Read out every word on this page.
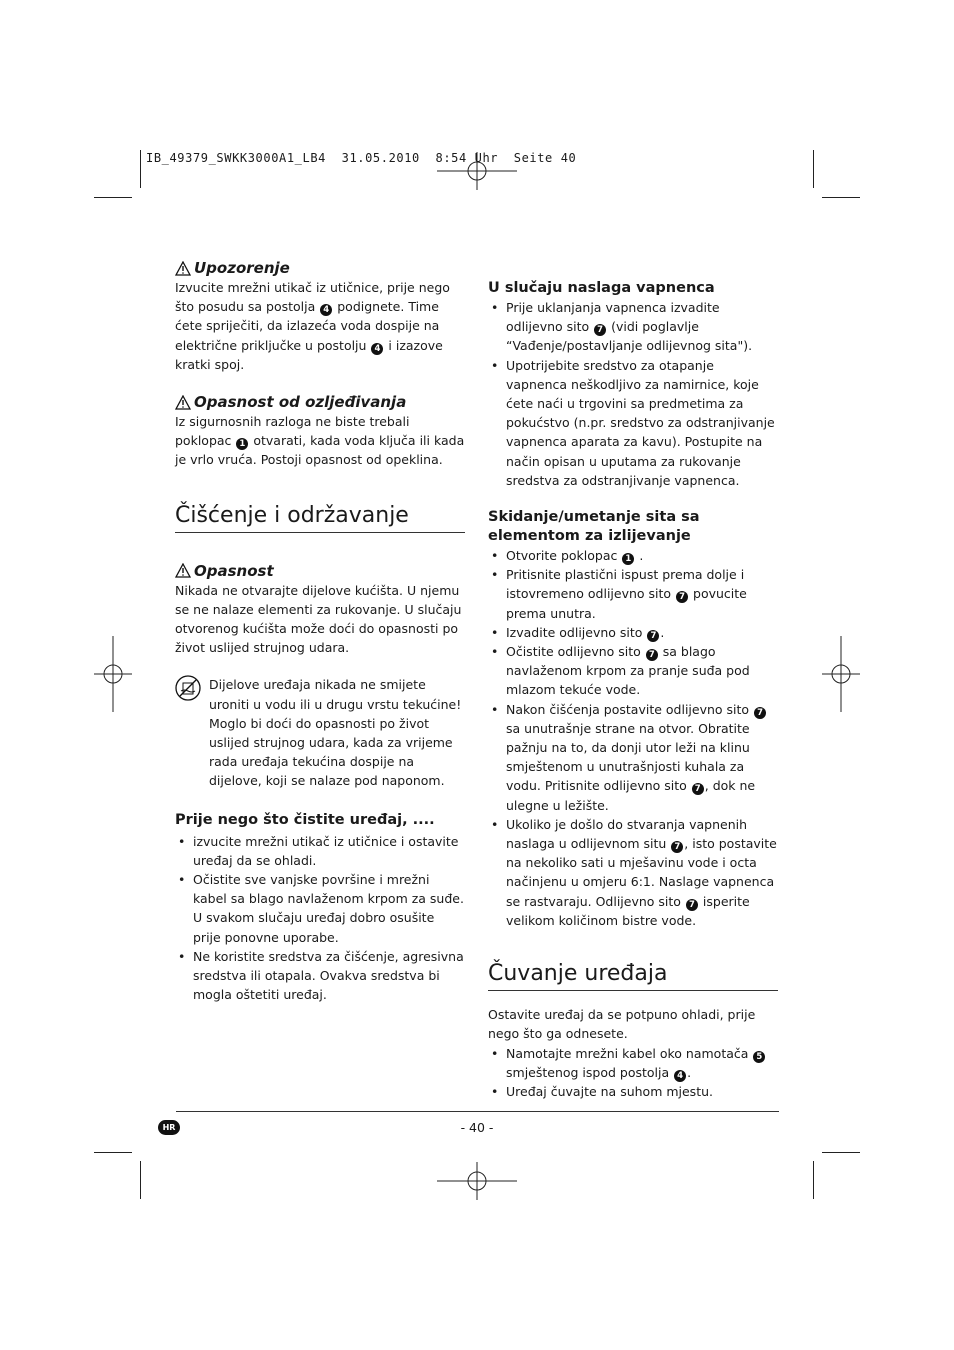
IB_49379_SWKK3000A1_LB4  31.05.2010  8:54 Uhr  Seite 40
Upozorenje

Izvucite mrežni utikač iz utičnice, prije nego što posudu sa postolja 4 podignete. Time ćete spriječiti, da izlazeća voda dospije na električne priključke u postolju 4 i izazove kratki spoj.

Opasnost od ozljeđivanja

Iz sigurnosnih razloga ne biste trebali poklopac 1 otvarati, kada voda ključa ili kada je vrlo vruća. Postoji opasnost od opeklina.

Čišćenje i održavanje
Opasnost

Nikada ne otvarajte dijelove kućišta. U njemu se ne nalaze elementi za rukovanje. U slučaju otvorenog kućišta može doći do opasnosti po život uslijed strujnog udara.

Dijelove uređaja nikada ne smijete uroniti u vodu ili u drugu vrstu tekućine! Moglo bi doći do opasnosti po život uslijed strujnog udara, kada za vrijeme rada uređaja tekućina dospije na dijelove, koji se nalaze pod naponom.

Prije nego što čistite uređaj, ....
• izvucite mrežni utikač iz utičnice i ostavite uređaj da se ohladi.
• Očistite sve vanjske površine i mrežni kabel sa blago navlaženom krpom za suđe. U svakom slučaju uređaj dobro osušite prije ponovne uporabe.
• Ne koristite sredstva za čišćenje, agresivna sredstva ili otapala. Ovakva sredstva bi mogla oštetiti uređaj.
U slučaju naslaga vapnenca
• Prije uklanjanja vapnenca izvadite odlijevno sito 7 (vidi poglavlje “Vađenje/postavljanje odlijevnog sita").
• Upotrijebite sredstvo za otapanje vapnenca neškodljivo za namirnice, koje ćete naći u trgovini sa predmetima za pokućstvo (n.pr. sredstvo za odstranjivanje vapnenca aparata za kavu). Postupite na način opisan u uputama za rukovanje sredstva za odstranjivanje vapnenca.
Skidanje/umetanje sita sa elementom za izlijevanje
• Otvorite poklopac 1 .
• Pritisnite plastični ispust prema dolje i istovremeno odlijevno sito 7 povucite prema unutra.
• Izvadite odlijevno sito 7 .
• Očistite odlijevno sito 7 sa blago navlaženom krpom za pranje suđa pod mlazom tekuće vode.
• Nakon čišćenja postavite odlijevno sito 7 sa unutrašnje strane na otvor. Obratite pažnju na to, da donji utor leži na klinu smještenom u unutrašnjosti kuhala za vodu. Pritisnite odlijevno sito 7 , dok ne ulegne u ležište.
• Ukoliko je došlo do stvaranja vapnenih naslaga u odlijevnom situ 7 , isto postavite na nekoliko sati u mješavinu vode i octa načinjenu u omjeru 6:1. Naslage vapnenca se rastvaraju. Odlijevno sito 7 isperite velikom količinom bistre vode.
Čuvanje uređaja

Ostavite uređaj da se potpuno ohladi, prije nego što ga odnesete.

• Namotajte mrežni kabel oko namotača 5 smještenog ispod postolja 4 .
• Uređaj čuvajte na suhom mjestu.
HR	- 40 -
